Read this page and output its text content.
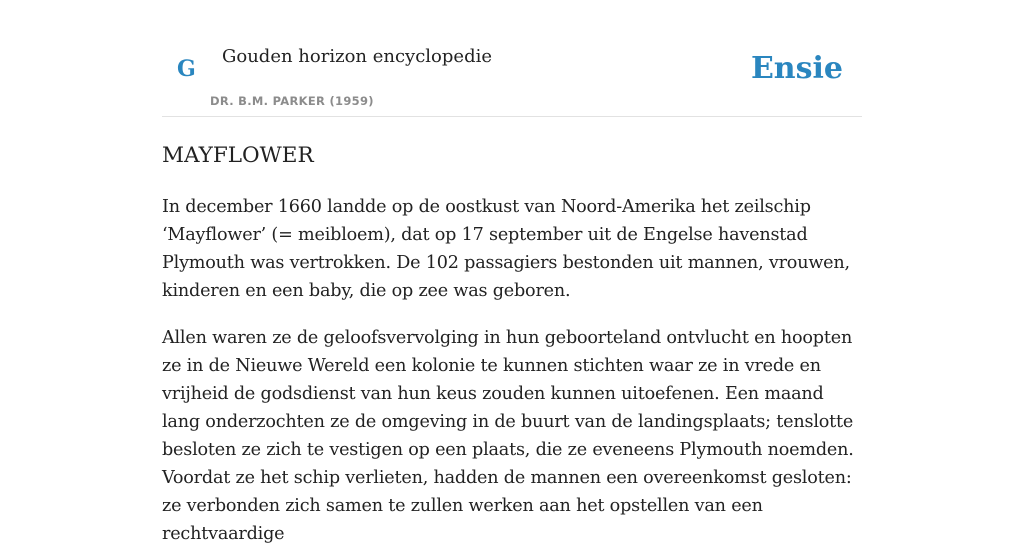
G Gouden horizon encyclopedie
DR. B.M. PARKER (1959)
Ensie
MAYFLOWER

In december 1660 landde op de oostkust van Noord-Amerika het zeilschip ‘Mayflower’ (= meibloem), dat op 17 september uit de Engelse havenstad Plymouth was vertrokken. De 102 passagiers bestonden uit mannen, vrouwen, kinderen en een baby, die op zee was geboren.

Allen waren ze de geloofsvervolging in hun geboorteland ontvlucht en hoopten ze in de Nieuwe Wereld een kolonie te kunnen stichten waar ze in vrede en vrijheid de godsdienst van hun keus zouden kunnen uitoefenen. Een maand lang onderzochten ze de omgeving in de buurt van de landingsplaats; tenslotte besloten ze zich te vestigen op een plaats, die ze eveneens Plymouth noemden. Voordat ze het schip verlieten, hadden de mannen een overeenkomst gesloten: ze verbonden zich samen te zullen werken aan het opstellen van een rechtvaardige
